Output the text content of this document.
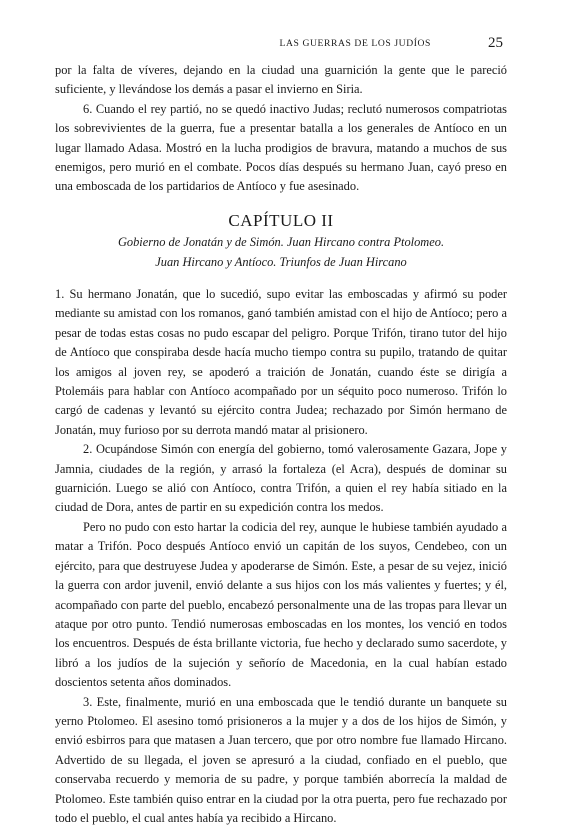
LAS GUERRAS DE LOS JUDÍOS	25

por la falta de víveres, dejando en la ciudad una guarnición la gente que le pareció suficiente, y llevándose los demás a pasar el invierno en Siria.

6. Cuando el rey partió, no se quedó inactivo Judas; reclutó numerosos compatriotas los sobrevivientes de la guerra, fue a presentar batalla a los generales de Antíoco en un lugar llamado Adasa. Mostró en la lucha prodigios de bravura, matando a muchos de sus enemigos, pero murió en el combate. Pocos días después su hermano Juan, cayó preso en una emboscada de los partidarios de Antíoco y fue asesinado.

CAPÍTULO II
Gobierno de Jonatán y de Simón. Juan Hircano contra Ptolomeo.
Juan Hircano y Antíoco. Triunfos de Juan Hircano

1. Su hermano Jonatán, que lo sucedió, supo evitar las emboscadas y afirmó su poder mediante su amistad con los romanos, ganó también amistad con el hijo de Antíoco; pero a pesar de todas estas cosas no pudo escapar del peligro. Porque Trifón, tirano tutor del hijo de Antíoco que conspiraba desde hacía mucho tiempo contra su pupilo, tratando de quitar los amigos al joven rey, se apoderó a traición de Jonatán, cuando éste se dirigía a Ptolemáis para hablar con Antíoco acompañado por un séquito poco numeroso. Trifón lo cargó de cadenas y levantó su ejército contra Judea; rechazado por Simón hermano de Jonatán, muy furioso por su derrota mandó matar al prisionero.

2. Ocupándose Simón con energía del gobierno, tomó valerosamente Gazara, Jope y Jamnia, ciudades de la región, y arrasó la fortaleza (el Acra), después de dominar su guarnición. Luego se alió con Antíoco, contra Trifón, a quien el rey había sitiado en la ciudad de Dora, antes de partir en su expedición contra los medos.

Pero no pudo con esto hartar la codicia del rey, aunque le hubiese también ayudado a matar a Trifón. Poco después Antíoco envió un capitán de los suyos, Cendebeo, con un ejército, para que destruyese Judea y apoderarse de Simón. Este, a pesar de su vejez, inició la guerra con ardor juvenil, envió delante a sus hijos con los más valientes y fuertes; y él, acompañado con parte del pueblo, encabezó personalmente una de las tropas para llevar un ataque por otro punto. Tendió numerosas emboscadas en los montes, los venció en todos los encuentros. Después de ésta brillante victoria, fue hecho y declarado sumo sacerdote, y libró a los judíos de la sujeción y señorío de Macedonia, en la cual habían estado doscientos setenta años dominados.

3. Este, finalmente, murió en una emboscada que le tendió durante un banquete su yerno Ptolomeo. El asesino tomó prisioneros a la mujer y a dos de los hijos de Simón, y envió esbirros para que matasen a Juan tercero, que por otro nombre fue llamado Hircano. Advertido de su llegada, el joven se apresuró a la ciudad, confiado en el pueblo, que conservaba recuerdo y memoria de su padre, y porque también aborrecía la maldad de Ptolomeo. Este también quiso entrar en la ciudad por la otra puerta, pero fue rechazado por todo el pueblo, el cual antes había ya recibido a Hircano.
